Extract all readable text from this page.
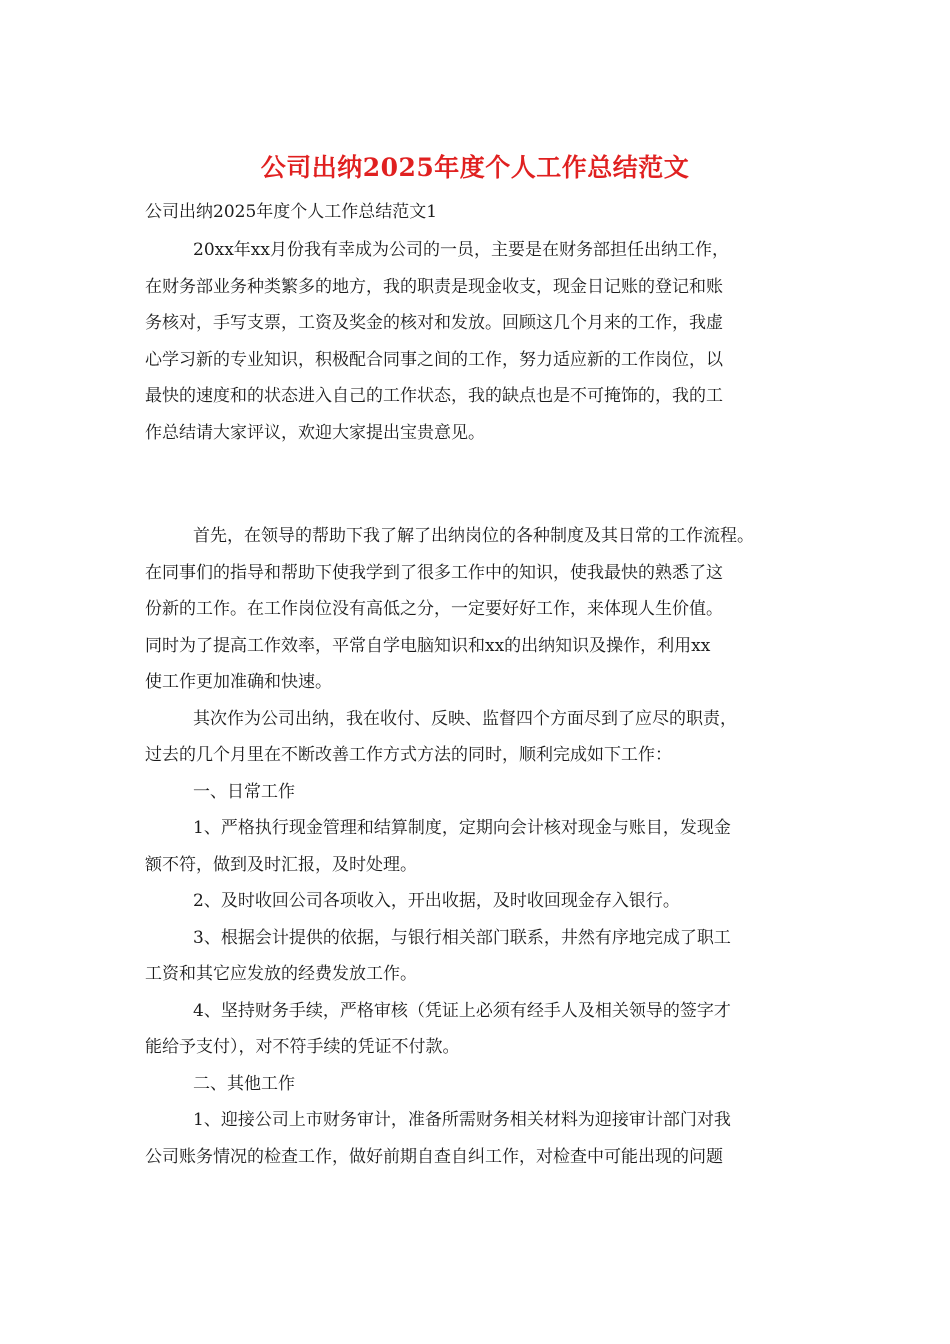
公司出纳2025年度个人工作总结范文
公司出纳2025年度个人工作总结范文1
20xx年xx月份我有幸成为公司的一员，主要是在财务部担任出纳工作，
在财务部业务种类繁多的地方，我的职责是现金收支，现金日记账的登记和账
务核对，手写支票，工资及奖金的核对和发放。回顾这几个月来的工作，我虚
心学习新的专业知识，积极配合同事之间的工作，努力适应新的工作岗位，以
最快的速度和的状态进入自己的工作状态，我的缺点也是不可掩饰的，我的工
作总结请大家评议，欢迎大家提出宝贵意见。
首先，在领导的帮助下我了解了出纳岗位的各种制度及其日常的工作流程。
在同事们的指导和帮助下使我学到了很多工作中的知识，使我最快的熟悉了这
份新的工作。在工作岗位没有高低之分，一定要好好工作，来体现人生价值。
同时为了提高工作效率，平常自学电脑知识和xx的出纳知识及操作，利用xx
使工作更加准确和快速。
其次作为公司出纳，我在收付、反映、监督四个方面尽到了应尽的职责，
过去的几个月里在不断改善工作方式方法的同时，顺利完成如下工作：
一、日常工作
1、严格执行现金管理和结算制度，定期向会计核对现金与账目，发现金
额不符，做到及时汇报，及时处理。
2、及时收回公司各项收入，开出收据，及时收回现金存入银行。
3、根据会计提供的依据，与银行相关部门联系，井然有序地完成了职工
工资和其它应发放的经费发放工作。
4、坚持财务手续，严格审核（凭证上必须有经手人及相关领导的签字才
能给予支付），对不符手续的凭证不付款。
二、其他工作
1、迎接公司上市财务审计，准备所需财务相关材料为迎接审计部门对我
公司账务情况的检查工作，做好前期自查自纠工作，对检查中可能出现的问题
